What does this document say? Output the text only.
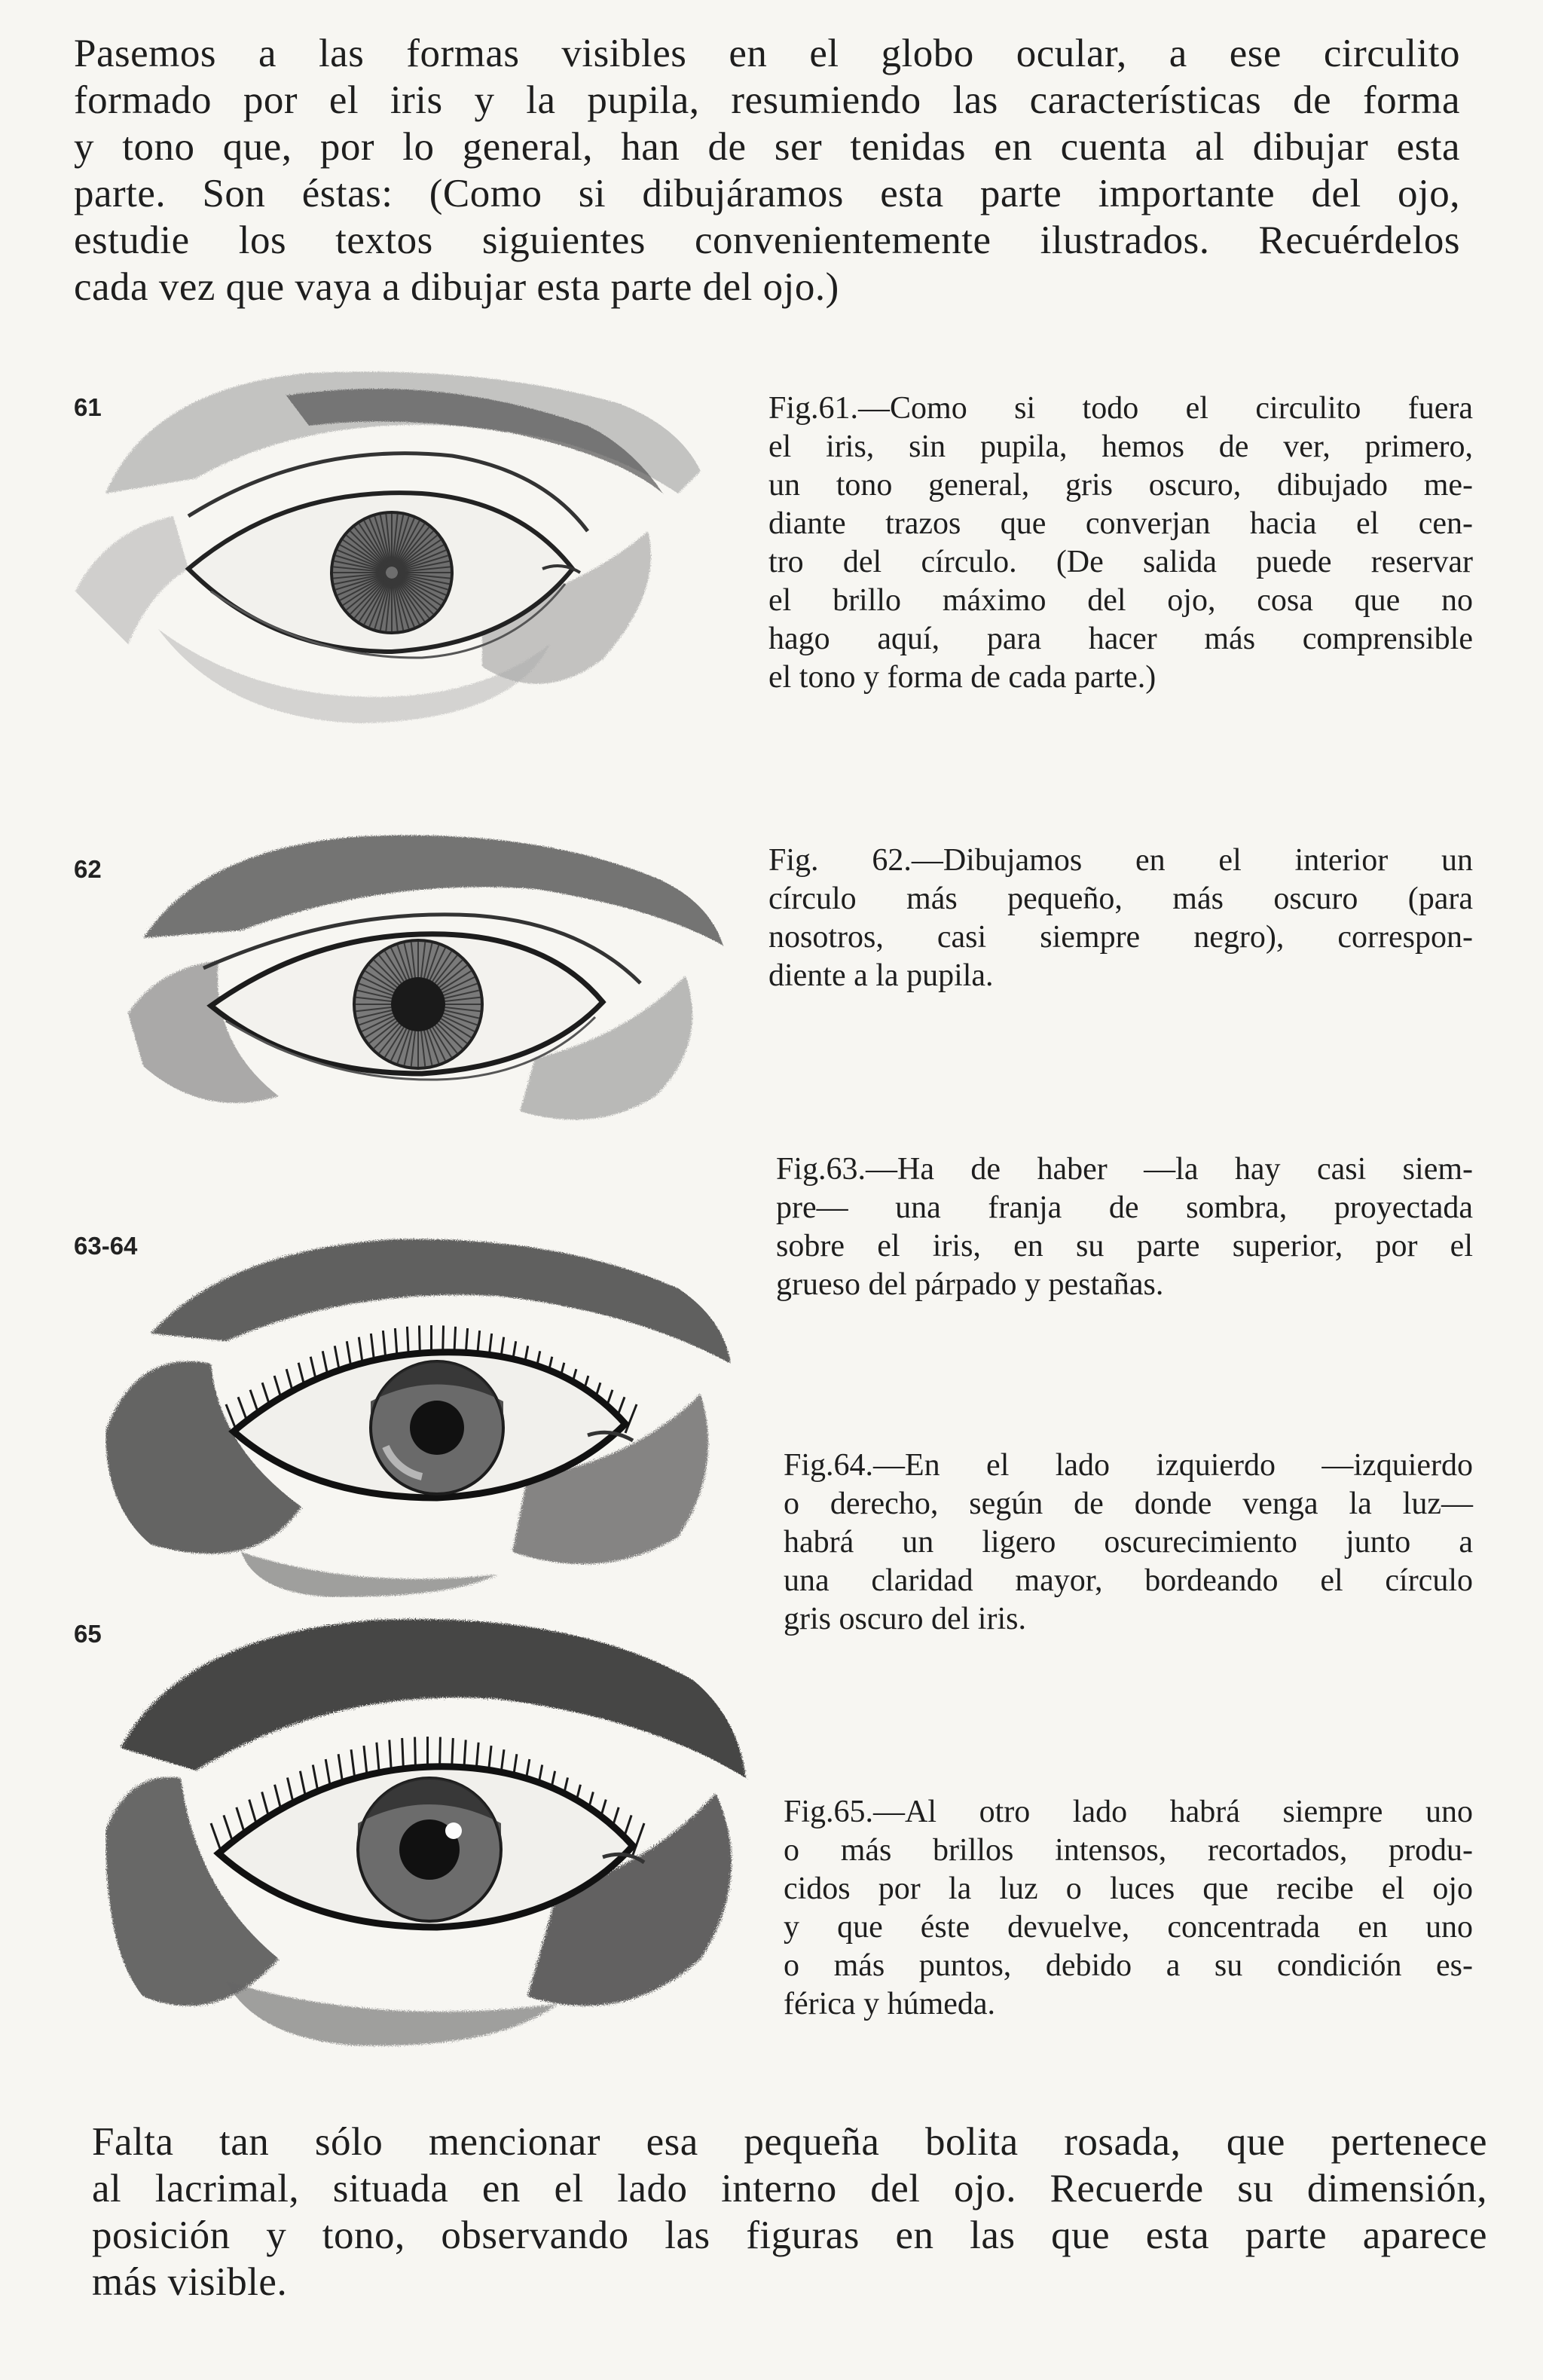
Pasemos a las formas visibles en el globo ocular, a ese circulito
formado por el iris y la pupila, resumiendo las características de forma
y tono que, por lo general, han de ser tenidas en cuenta al dibujar esta
parte. Son éstas: (Como si dibujáramos esta parte importante del ojo,
estudie los textos siguientes convenientemente ilustrados. Recuérdelos
cada vez que vaya a dibujar esta parte del ojo.)

61	Fig.61.—Como si todo el circulito fuera
el iris, sin pupila, hemos de ver, primero,
un tono general, gris oscuro, dibujado me-
diante trazos que converjan hacia el cen-
tro del círculo. (De salida puede reservar
el brillo máximo del ojo, cosa que no
hago aquí, para hacer más comprensible
el tono y forma de cada parte.)

62	Fig. 62.—Dibujamos en el interior un
círculo más pequeño, más oscuro (para
nosotros, casi siempre negro), correspon-
diente a la pupila.

63-64

Fig.63.—Ha de haber —la hay casi siem-
pre— una franja de sombra, proyectada
sobre el iris, en su parte superior, por el
grueso del párpado y pestañas.

Fig.64.—En el lado izquierdo —izquierdo
o derecho, según de donde venga la luz—
habrá un ligero oscurecimiento junto a
una claridad mayor, bordeando el círculo
gris oscuro del iris.

65

Fig.65.—Al otro lado habrá siempre uno
o más brillos intensos, recortados, produ-
cidos por la luz o luces que recibe el ojo
y que éste devuelve, concentrada en uno
o más puntos, debido a su condición es-
férica y húmeda.

Falta tan sólo mencionar esa pequeña bolita rosada, que pertenece
al lacrimal, situada en el lado interno del ojo. Recuerde su dimensión,
posición y tono, observando las figuras en las que esta parte aparece
más visible.
